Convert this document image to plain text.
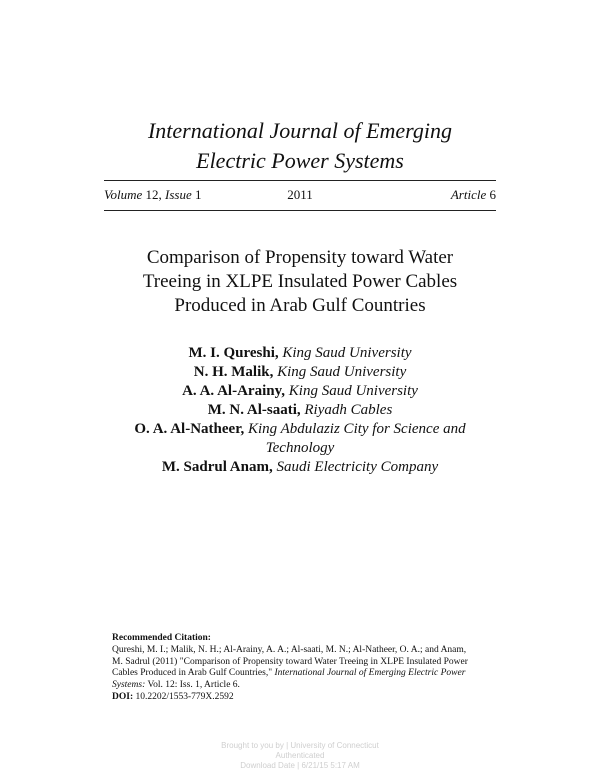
International Journal of Emerging
Electric Power Systems
Volume 12, Issue 1	2011	Article 6
Comparison of Propensity toward Water
Treeing in XLPE Insulated Power Cables
Produced in Arab Gulf Countries
M. I. Qureshi, King Saud University
N. H. Malik, King Saud University
A. A. Al-Arainy, King Saud University
M. N. Al-saati, Riyadh Cables
O. A. Al-Natheer, King Abdulaziz City for Science and
Technology
M. Sadrul Anam, Saudi Electricity Company
Recommended Citation:
Qureshi, M. I.; Malik, N. H.; Al-Arainy, A. A.; Al-saati, M. N.; Al-Natheer, O. A.; and Anam,
M. Sadrul (2011) "Comparison of Propensity toward Water Treeing in XLPE Insulated Power
Cables Produced in Arab Gulf Countries," International Journal of Emerging Electric Power
Systems: Vol. 12: Iss. 1, Article 6.
DOI: 10.2202/1553-779X.2592
Brought to you by | University of Connecticut
Authenticated
Download Date | 6/21/15 5:17 AM
